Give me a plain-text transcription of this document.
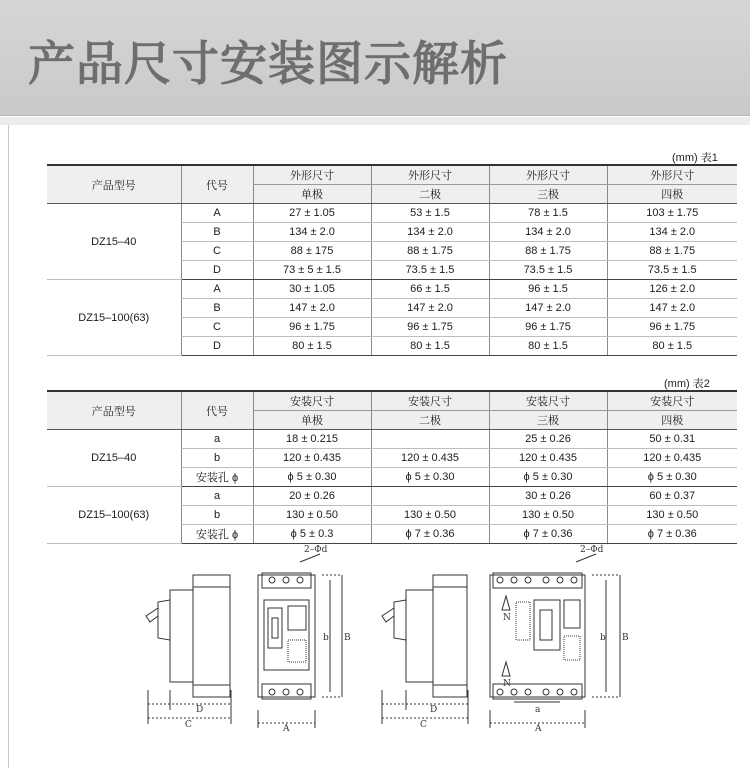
产品尺寸安装图示解析
(mm) 表1
产品型号	代号	外形尺寸	外形尺寸	外形尺寸	外形尺寸
		单极	二极	三极	四极
DZ15–40	A	27 ± 1.05	53 ± 1.5	78 ± 1.5	103 ± 1.75
	B	134 ± 2.0	134 ± 2.0	134 ± 2.0	134 ± 2.0
	C	88 ± 175	88 ± 1.75	88 ± 1.75	88 ± 1.75
	D	73 ± 5 ± 1.5	73.5 ± 1.5	73.5 ± 1.5	73.5 ± 1.5
DZ15–100(63)	A	30 ± 1.05	66 ± 1.5	96 ± 1.5	126 ± 2.0
	B	147 ± 2.0	147 ± 2.0	147 ± 2.0	147 ± 2.0
	C	96 ± 1.75	96 ± 1.75	96 ± 1.75	96 ± 1.75
	D	80 ± 1.5	80 ± 1.5	80 ± 1.5	80 ± 1.5
(mm) 表2
产品型号	代号	安装尺寸	安装尺寸	安装尺寸	安装尺寸
		单极	二极	三极	四极
DZ15–40	a	18 ± 0.215		25 ± 0.26	50 ± 0.31
	b	120 ± 0.435	120 ± 0.435	120 ± 0.435	120 ± 0.435
	安装孔 ϕ	ϕ 5 ± 0.30	ϕ 5 ± 0.30	ϕ 5 ± 0.30	ϕ 5 ± 0.30
DZ15–100(63)	a	20 ± 0.26		30 ± 0.26	60 ± 0.37
	b	130 ± 0.50	130 ± 0.50	130 ± 0.50	130 ± 0.50
	安装孔 ϕ	ϕ 5 ± 0.3	ϕ 7 ± 0.36	ϕ 7 ± 0.36	ϕ 7 ± 0.36
D
C	A
b B
2–Φd
D
C	A
a
b B
2–Φd
N
N
